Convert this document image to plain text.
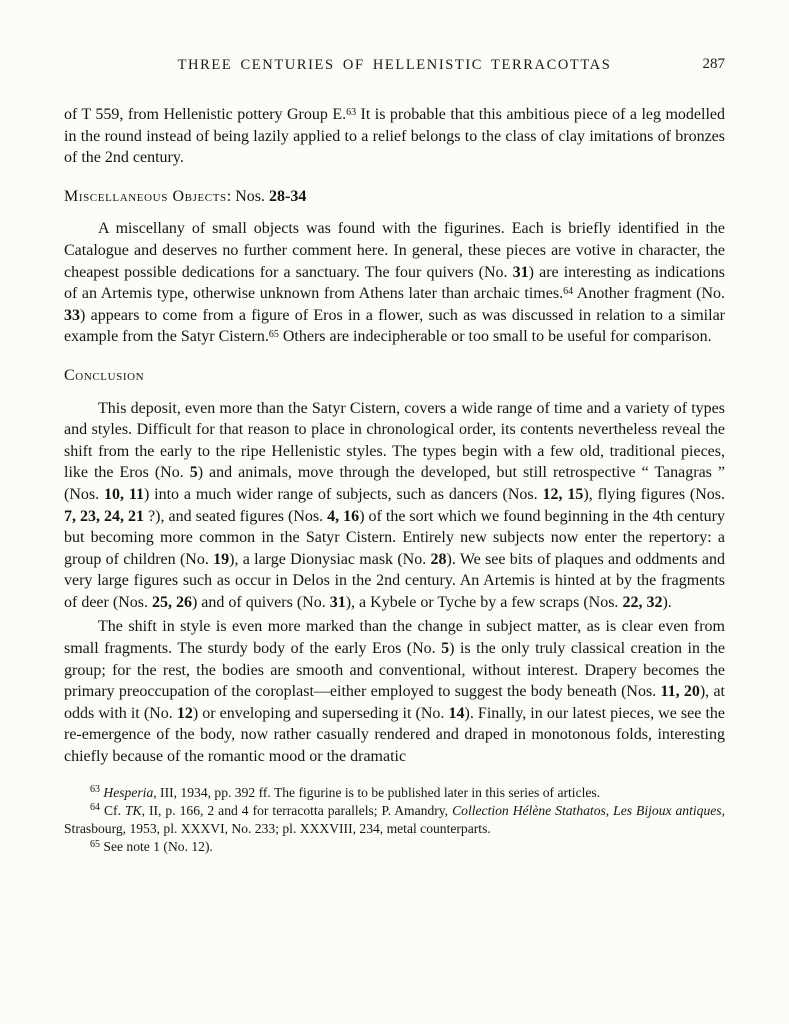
THREE CENTURIES OF HELLENISTIC TERRACOTTAS	287

of T 559, from Hellenistic pottery Group E.$^{63}$ It is probable that this ambitious piece of a leg modelled in the round instead of being lazily applied to a relief belongs to the class of clay imitations of bronzes of the 2nd century.

Miscellaneous Objects: Nos. 28-34

A miscellany of small objects was found with the figurines. Each is briefly identified in the Catalogue and deserves no further comment here. In general, these pieces are votive in character, the cheapest possible dedications for a sanctuary. The four quivers (No. 31) are interesting as indications of an Artemis type, otherwise unknown from Athens later than archaic times.$^{64}$ Another fragment (No. 33) appears to come from a figure of Eros in a flower, such as was discussed in relation to a similar example from the Satyr Cistern.$^{65}$ Others are indecipherable or too small to be useful for comparison.

Conclusion

This deposit, even more than the Satyr Cistern, covers a wide range of time and a variety of types and styles. Difficult for that reason to place in chronological order, its contents nevertheless reveal the shift from the early to the ripe Hellenistic styles. The types begin with a few old, traditional pieces, like the Eros (No. 5) and animals, move through the developed, but still retrospective “ Tanagras ” (Nos. 10, 11) into a much wider range of subjects, such as dancers (Nos. 12, 15), flying figures (Nos. 7, 23, 24, 21 ?), and seated figures (Nos. 4, 16) of the sort which we found beginning in the 4th century but becoming more common in the Satyr Cistern. Entirely new subjects now enter the repertory: a group of children (No. 19), a large Dionysiac mask (No. 28). We see bits of plaques and oddments and very large figures such as occur in Delos in the 2nd century. An Artemis is hinted at by the fragments of deer (Nos. 25, 26) and of quivers (No. 31), a Kybele or Tyche by a few scraps (Nos. 22, 32).

The shift in style is even more marked than the change in subject matter, as is clear even from small fragments. The sturdy body of the early Eros (No. 5) is the only truly classical creation in the group; for the rest, the bodies are smooth and conventional, without interest. Drapery becomes the primary preoccupation of the coroplast—either employed to suggest the body beneath (Nos. 11, 20), at odds with it (No. 12) or enveloping and superseding it (No. 14). Finally, in our latest pieces, we see the re-emergence of the body, now rather casually rendered and draped in monotonous folds, interesting chiefly because of the romantic mood or the dramatic

$^{63}$ Hesperia, III, 1934, pp. 392 ff. The figurine is to be published later in this series of articles.

$^{64}$ Cf. TK, II, p. 166, 2 and 4 for terracotta parallels; P. Amandry, Collection Hélène Stathatos, Les Bijoux antiques, Strasbourg, 1953, pl. XXXVI, No. 233; pl. XXXVIII, 234, metal counterparts.

$^{65}$ See note 1 (No. 12).
